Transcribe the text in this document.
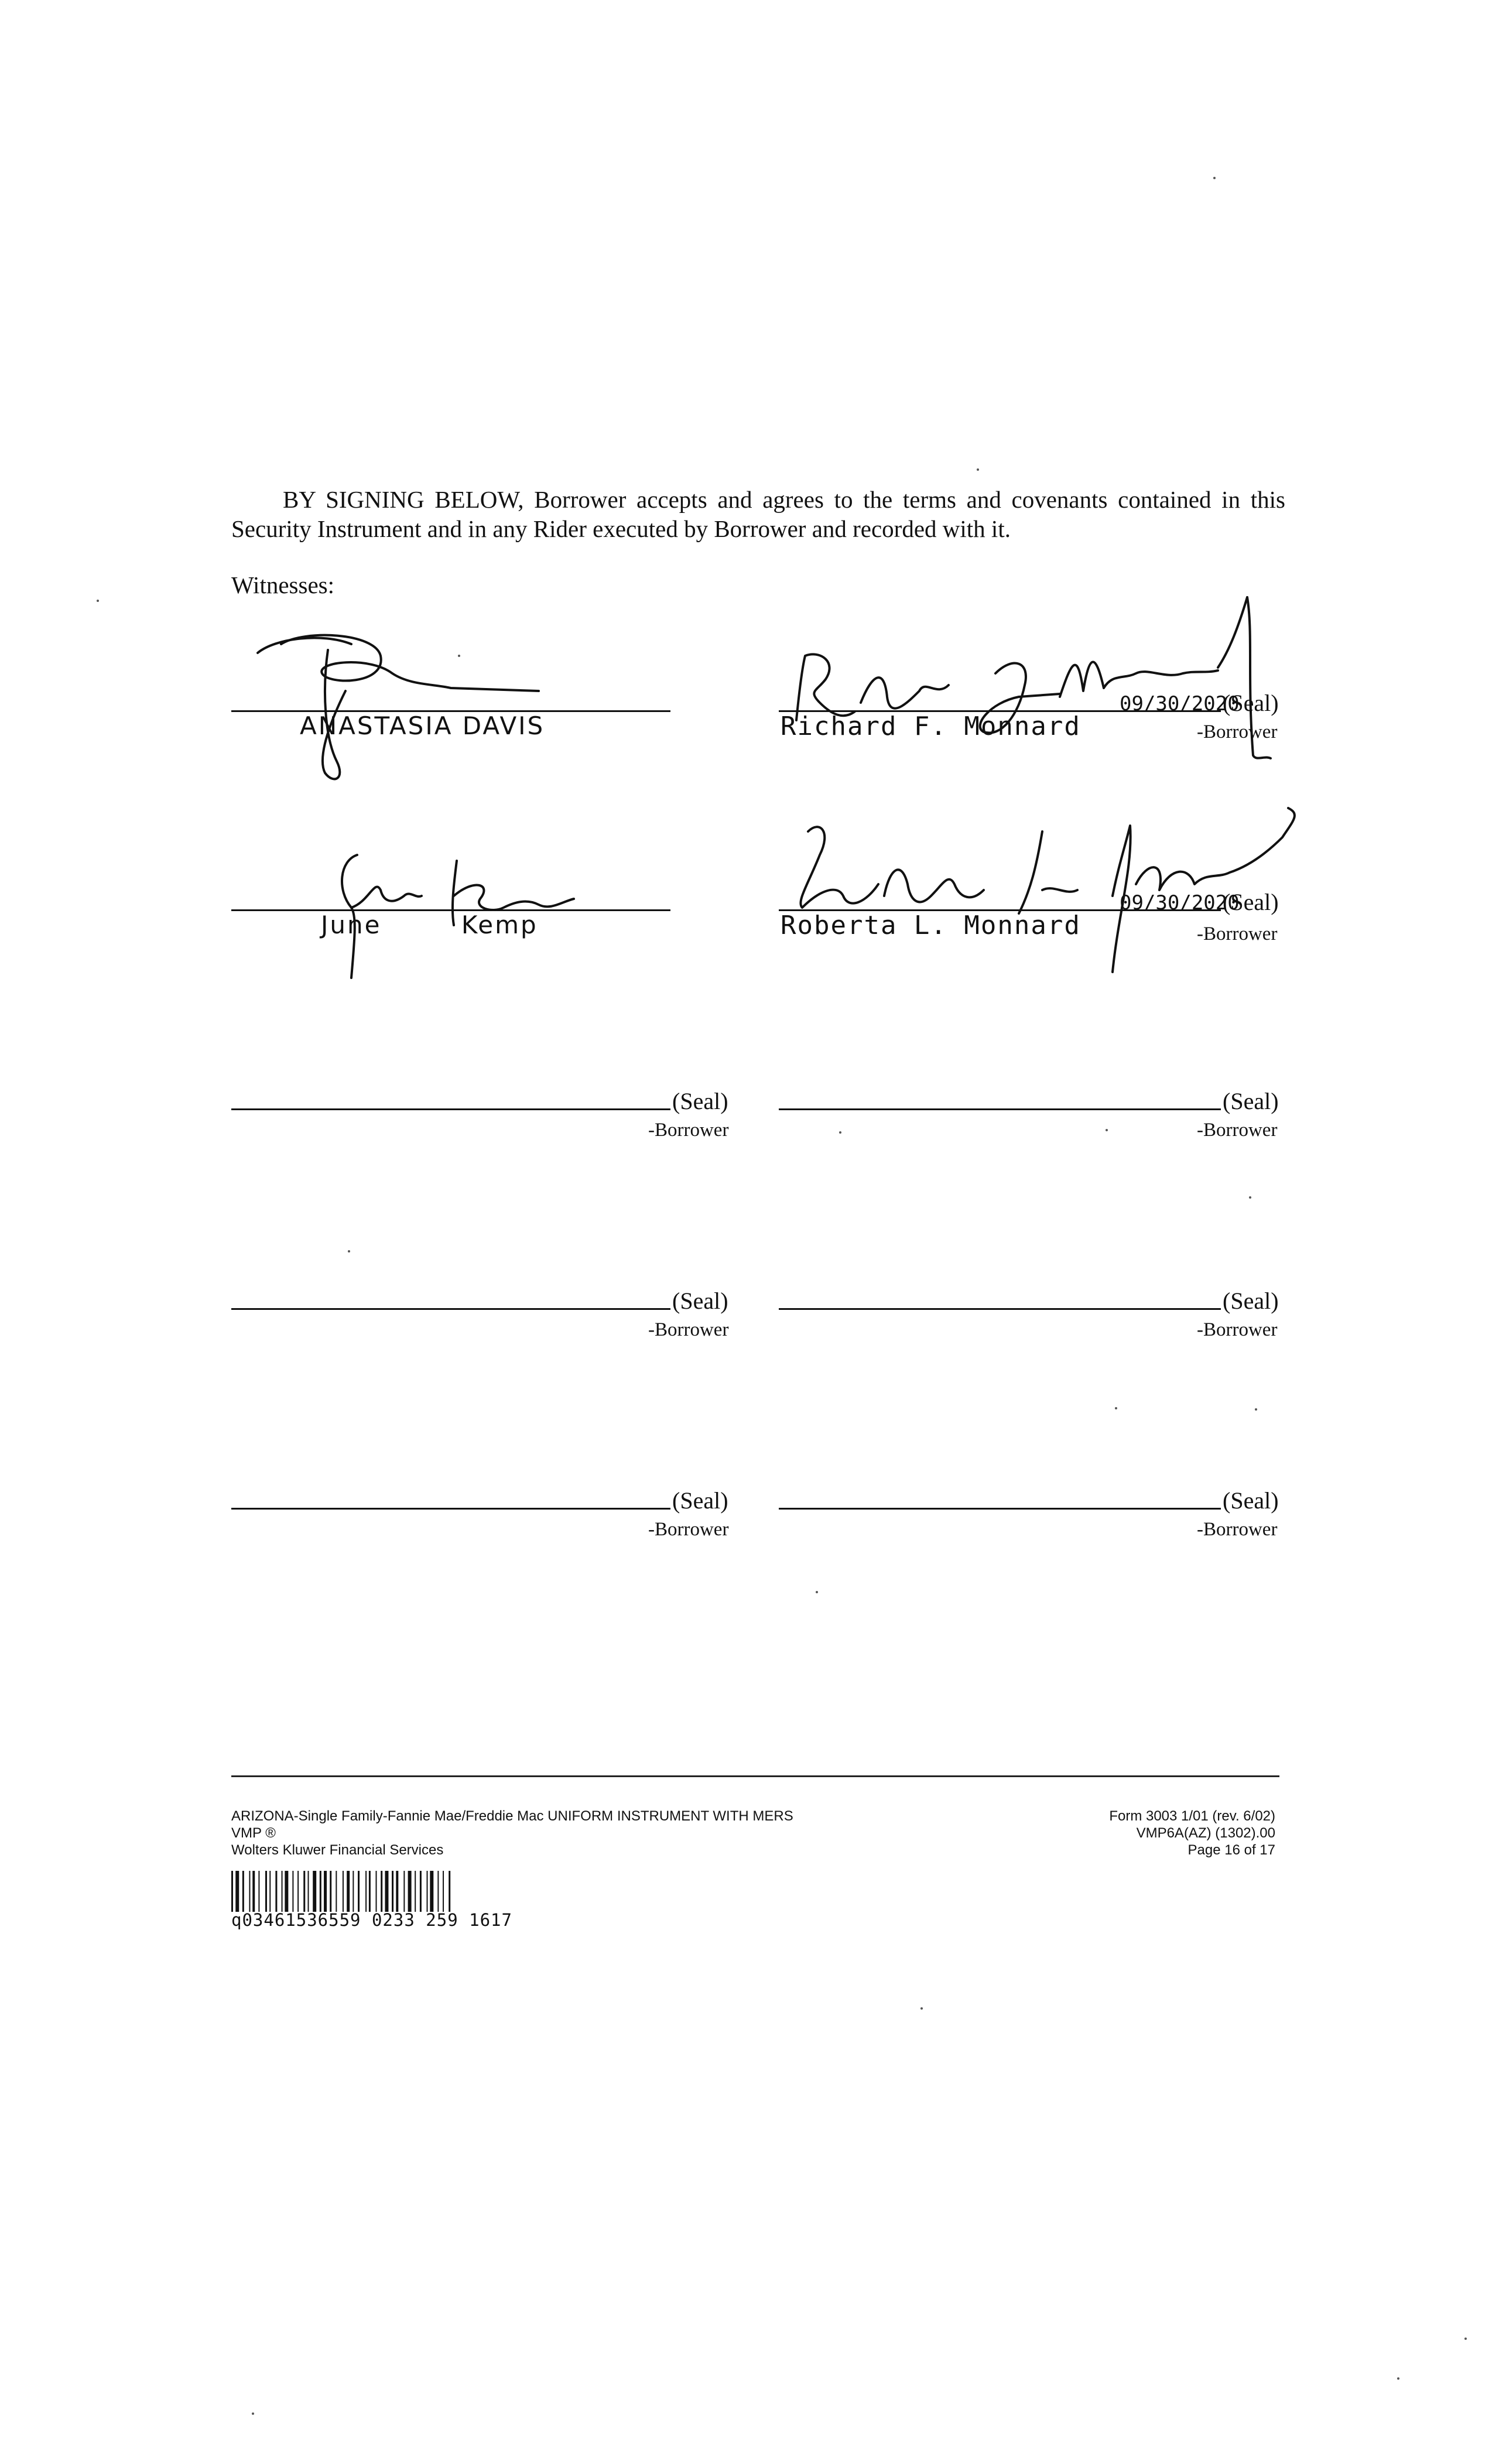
BY SIGNING BELOW, Borrower accepts and agrees to the terms and covenants contained in this Security Instrument and in any Rider executed by Borrower and recorded with it.
Witnesses:
ANASTASIA DAVIS
June Kemp
Richard F. Monnard
09/30/2020
(Seal)
-Borrower
Roberta L. Monnard
09/30/2020
(Seal)
-Borrower
(Seal)
-Borrower
(Seal)
-Borrower
(Seal)
-Borrower
(Seal)
-Borrower
(Seal)
-Borrower
(Seal)
-Borrower
ARIZONA-Single Family-Fannie Mae/Freddie Mac UNIFORM INSTRUMENT WITH MERS
VMP ®
Wolters Kluwer Financial Services
Form 3003 1/01 (rev. 6/02)
VMP6A(AZ) (1302).00
Page 16 of 17
q03461536559 0233 259 1617
